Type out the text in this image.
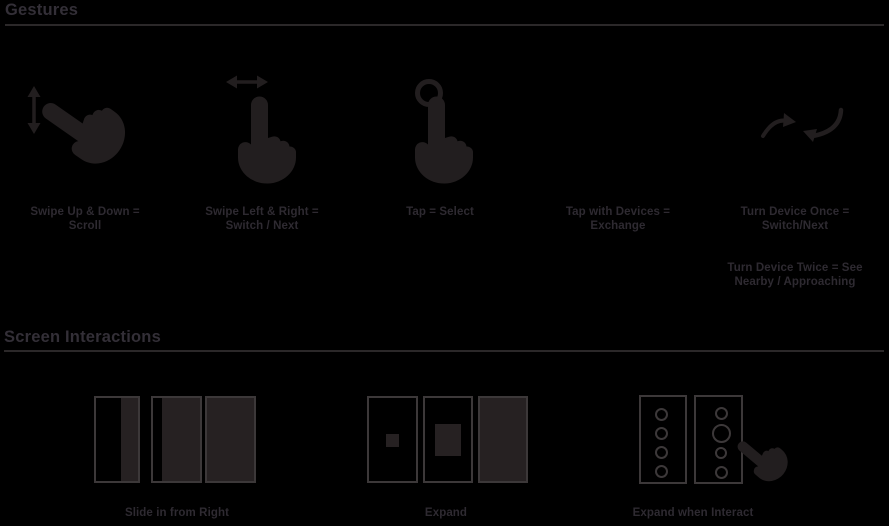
Gestures
Swipe Up & Down =
Scroll
Swipe Left & Right =
Switch / Next
Tap = Select	Tap with Devices =
Exchange
Turn Device Once =
Switch/Next
Turn Device Twice = See
Nearby / Approaching
Screen Interactions
Slide in from Right	Expand	Expand when Interact
